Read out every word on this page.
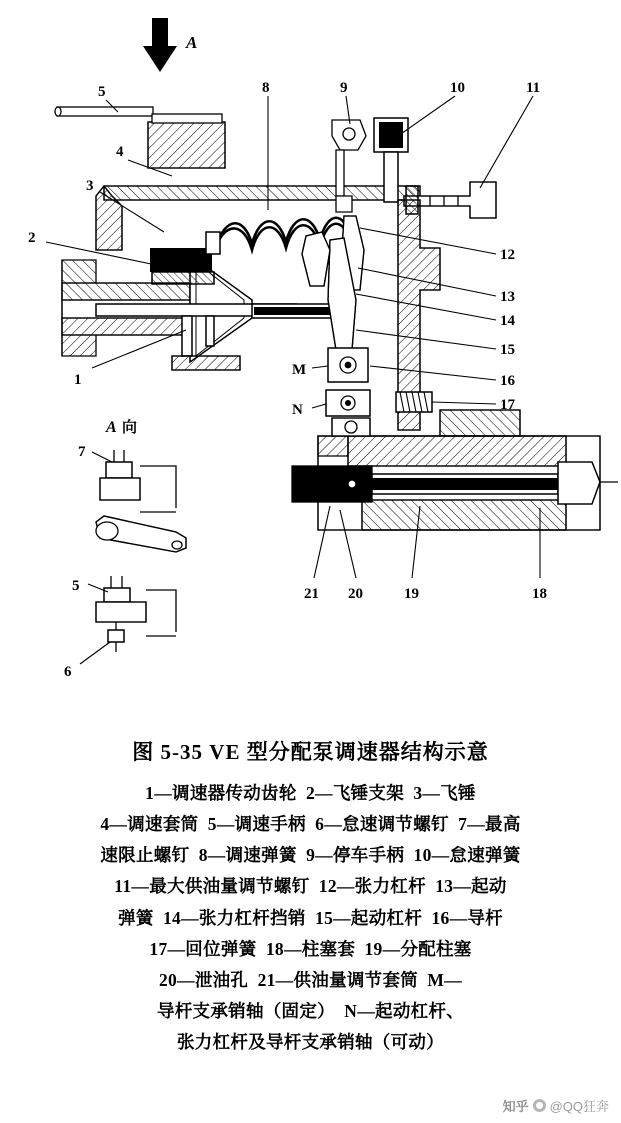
5
4
3
2
1
8	9	10	11
12
13
14
15
16
17
18
19
20
21
M
N
7
5
6
A
A 向
图 5-35 VE 型分配泵调速器结构示意
1—调速器传动齿轮  2—飞锤支架  3—飞锤
4—调速套筒  5—调速手柄  6—怠速调节螺钉  7—最高
速限止螺钉  8—调速弹簧  9—停车手柄  10—怠速弹簧
11—最大供油量调节螺钉  12—张力杠杆  13—起动
弹簧  14—张力杠杆挡销  15—起动杠杆  16—导杆
17—回位弹簧  18—柱塞套  19—分配柱塞
20—泄油孔  21—供油量调节套筒  M—
导杆支承销轴（固定）  N—起动杠杆、
张力杠杆及导杆支承销轴（可动）
知乎 @QQ狂奔
